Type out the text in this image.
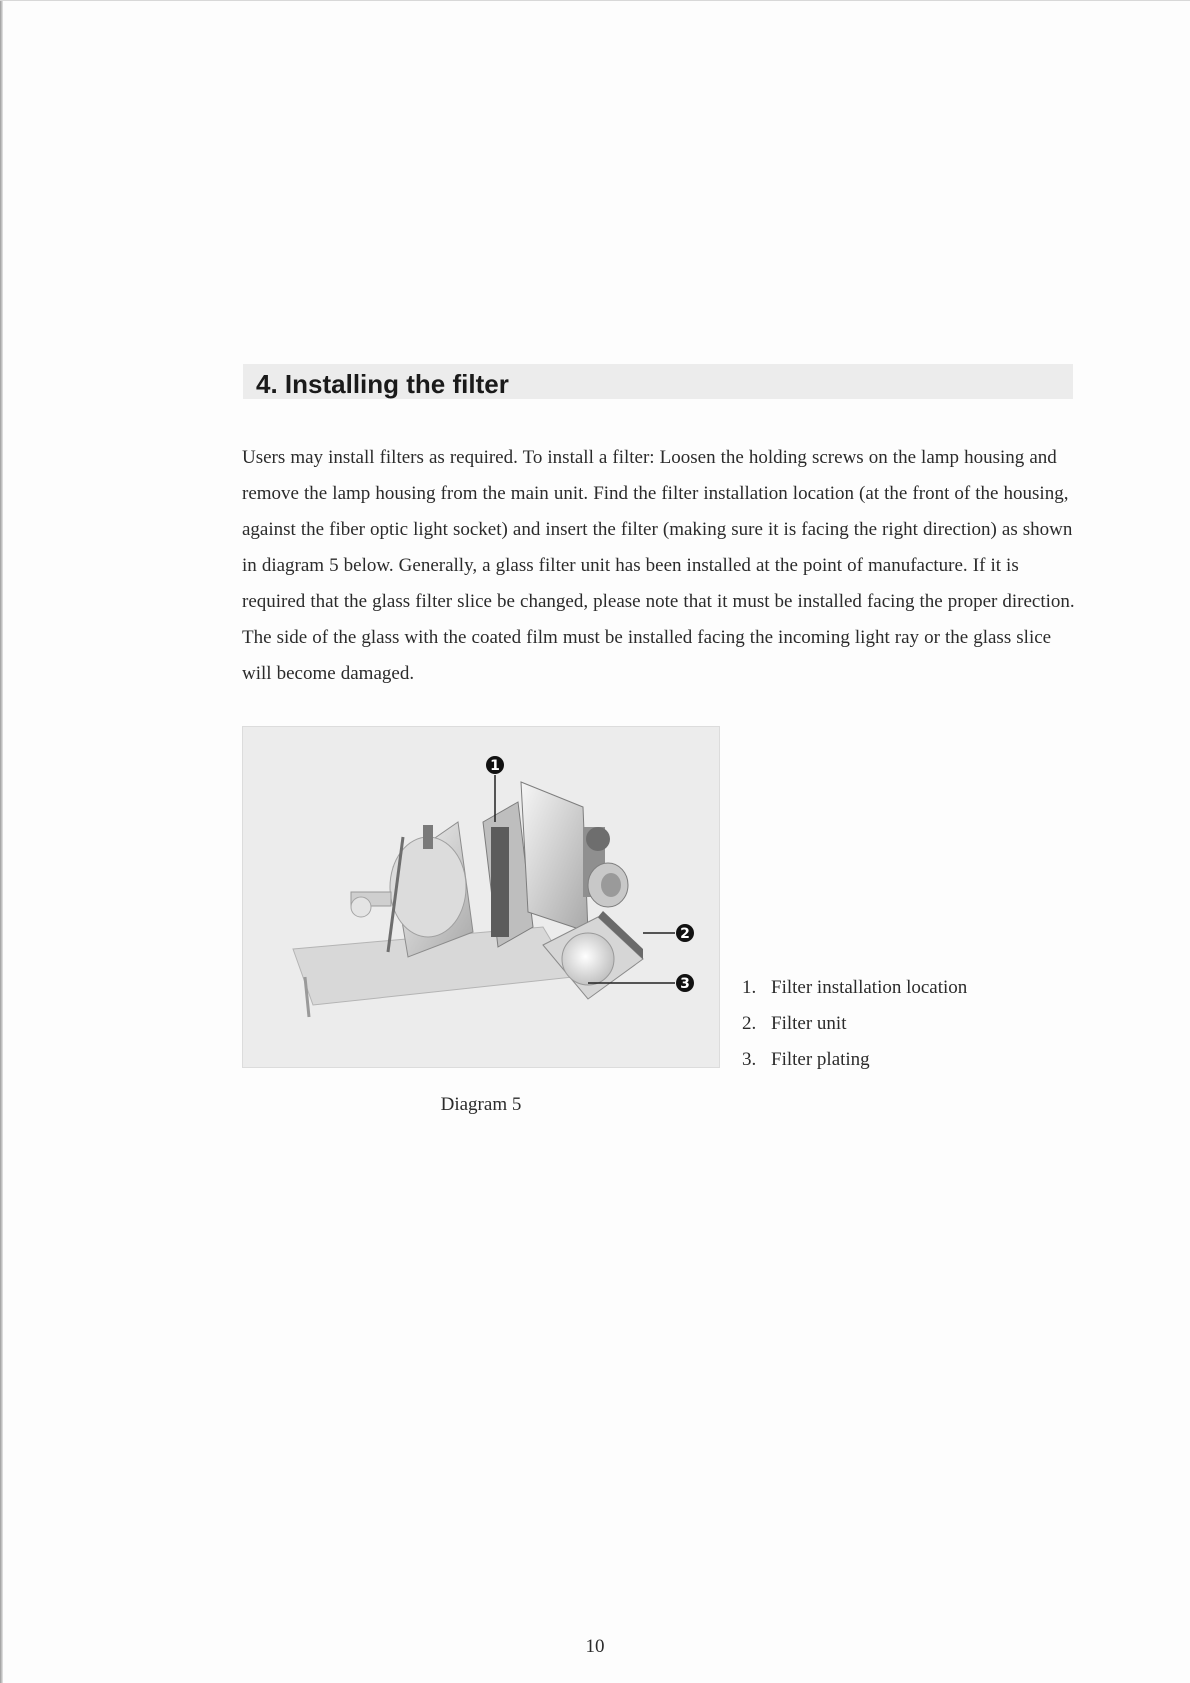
4. Installing the filter

Users may install filters as required. To install a filter: Loosen the holding screws on the lamp housing and remove the lamp housing from the main unit. Find the filter installation location (at the front of the housing, against the fiber optic light socket) and insert the filter (making sure it is facing the right direction) as shown in diagram 5 below. Generally, a glass filter unit has been installed at the point of manufacture. If it is required that the glass filter slice be changed, please note that it must be installed facing the proper direction. The side of the glass with the coated film must be installed facing the incoming light ray or the glass slice will become damaged.

1
2
3	1. Filter installation location
2. Filter unit
3. Filter plating

Diagram 5

10
